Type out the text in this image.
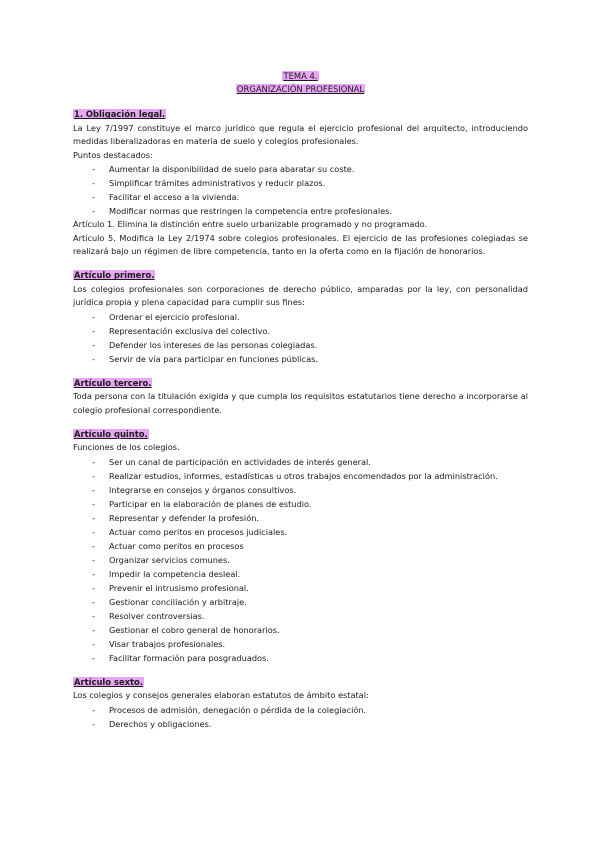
TEMA 4.
ORGANIZACIÓN PROFESIONAL
1. Obligación legal.

La Ley 7/1997 constituye el marco jurídico que regula el ejercicio profesional del arquitecto, introduciendo medidas liberalizadoras en materia de suelo y colegios profesionales.

Puntos destacados:

- Aumentar la disponibilidad de suelo para abaratar su coste.
- Simplificar trámites administrativos y reducir plazos.
- Facilitar el acceso a la vivienda.
- Modificar normas que restringen la competencia entre profesionales.

Artículo 1. Elimina la distinción entre suelo urbanizable programado y no programado.

Artículo 5. Modifica la Ley 2/1974 sobre colegios profesionales. El ejercicio de las profesiones colegiadas se realizará bajo un régimen de libre competencia, tanto en la oferta como en la fijación de honorarios.

Artículo primero.

Los colegios profesionales son corporaciones de derecho público, amparadas por la ley, con personalidad jurídica propia y plena capacidad para cumplir sus fines:

- Ordenar el ejercicio profesional.
- Representación exclusiva del colectivo.
- Defender los intereses de las personas colegiadas.
- Servir de vía para participar en funciones públicas.
Artículo tercero.

Toda persona con la titulación exigida y que cumpla los requisitos estatutarios tiene derecho a incorporarse al colegio profesional correspondiente.

Artículo quinto.

Funciones de los colegios.

- Ser un canal de participación en actividades de interés general.
- Realizar estudios, informes, estadísticas u otros trabajos encomendados por la administración.
- Integrarse en consejos y órganos consultivos.
- Participar en la elaboración de planes de estudio.
- Representar y defender la profesión.
- Actuar como peritos en procesos judiciales.
- Actuar como peritos en procesos
- Organizar servicios comunes.
- Impedir la competencia desleal.
- Prevenir el intrusismo profesional.
- Gestionar conciliación y arbitraje.
- Resolver controversias.
- Gestionar el cobro general de honorarios.
- Visar trabajos profesionales.
- Facilitar formación para posgraduados.
Artículo sexto.

Los colegios y consejos generales elaboran estatutos de ámbito estatal:

- Procesos de admisión, denegación o pérdida de la colegiación.
- Derechos y obligaciones.
